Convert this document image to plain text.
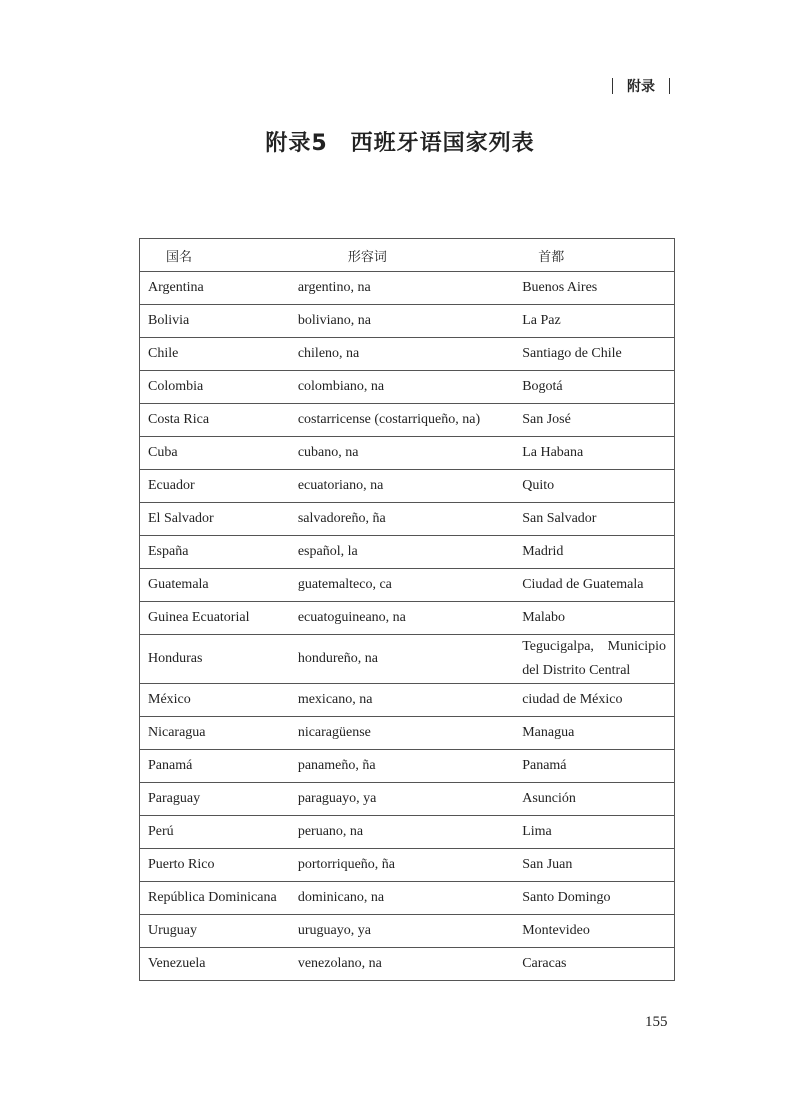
附录
附录5　西班牙语国家列表
国名	形容词	首都
Argentina	argentino, na	Buenos Aires

Bolivia	boliviano, na	La Paz

Chile	chileno, na	Santiago de Chile

Colombia	colombiano, na	Bogotá

Costa Rica	costarricense (costarriqueño, na)	San José

Cuba	cubano, na	La Habana

Ecuador	ecuatoriano, na	Quito

El Salvador	salvadoreño, ña	San Salvador

España	español, la	Madrid

Guatemala	guatemalteco, ca	Ciudad de Guatemala

Guinea Ecuatorial	ecuatoguineano, na	Malabo

Honduras	hondureño, na	Tegucigalpa, Municipio
del Distrito Central

México	mexicano, na	ciudad de México

Nicaragua	nicaragüense	Managua

Panamá	panameño, ña	Panamá

Paraguay	paraguayo, ya	Asunción

Perú	peruano, na	Lima

Puerto Rico	portorriqueño, ña	San Juan

República Dominicana	dominicano, na	Santo Domingo

Uruguay	uruguayo, ya	Montevideo

Venezuela	venezolano, na	Caracas
155
